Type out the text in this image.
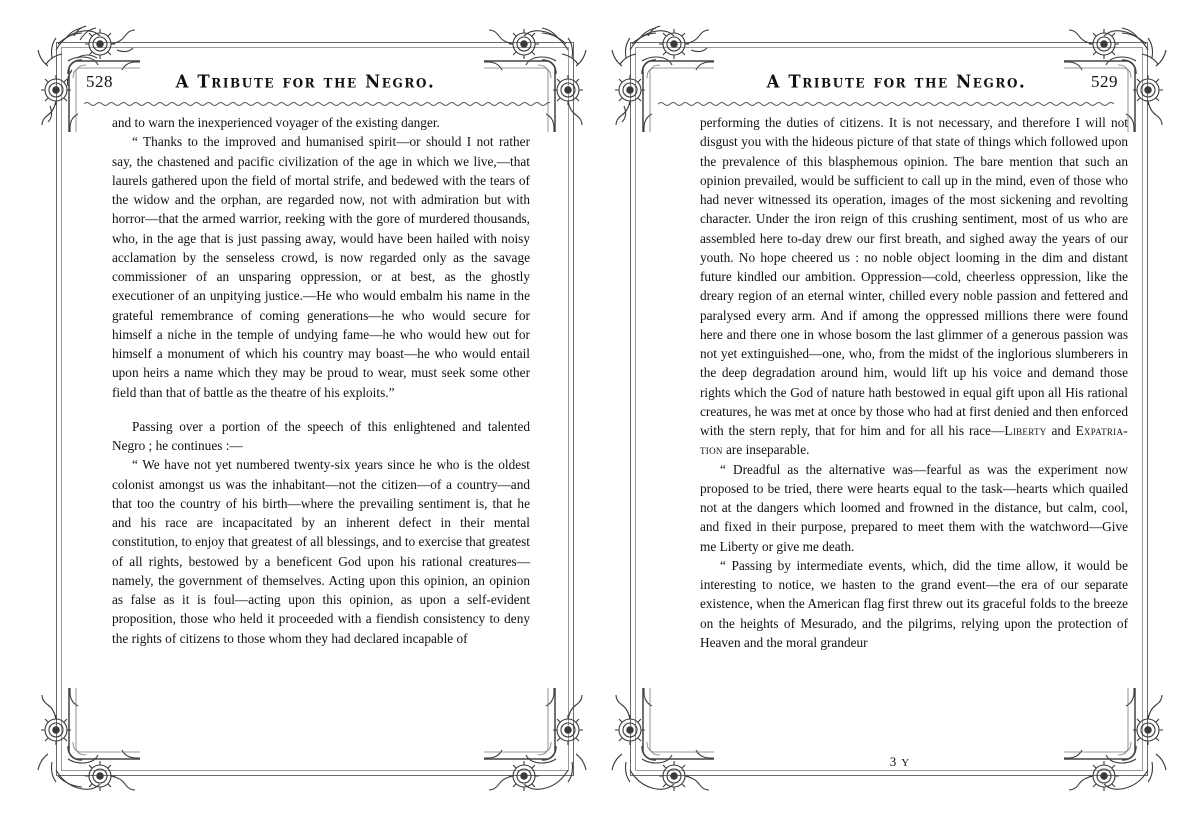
528	A Tribute for the Negro.

and to warn the inexperienced voyager of the existing danger.

“ Thanks to the improved and humanised spirit—or should I not rather say, the chastened and pacific civilization of the age in which we live,—that laurels gathered upon the field of mortal strife, and bedewed with the tears of the widow and the orphan, are regarded now, not with admiration but with horror—that the armed warrior, reeking with the gore of murdered thousands, who, in the age that is just passing away, would have been hailed with noisy acclamation by the senseless crowd, is now regarded only as the savage commissioner of an unsparing oppression, or at best, as the ghostly executioner of an unpitying justice.—He who would embalm his name in the grateful remembrance of coming generations—he who would secure for himself a niche in the temple of undying fame—he who would hew out for himself a monument of which his country may boast—he who would entail upon heirs a name which they may be proud to wear, must seek some other field than that of battle as the theatre of his exploits.”

Passing over a portion of the speech of this enlightened and talented Negro ; he continues :—

“ We have not yet numbered twenty-six years since he who is the oldest colonist amongst us was the inhabitant—not the citizen—of a country—and that too the country of his birth—where the prevailing sentiment is, that he and his race are incapacitated by an inherent defect in their mental constitution, to enjoy that greatest of all blessings, and to exercise that greatest of all rights, bestowed by a beneficent God upon his rational creatures—namely, the government of themselves. Acting upon this opinion, an opinion as false as it is foul—acting upon this opinion, as upon a self-evident proposition, those who held it proceeded with a fiendish consistency to deny the rights of citizens to those whom they had declared incapable of

A Tribute for the Negro.	529

performing the duties of citizens. It is not necessary, and therefore I will not disgust you with the hideous picture of that state of things which followed upon the prevalence of this blasphemous opinion. The bare mention that such an opinion prevailed, would be sufficient to call up in the mind, even of those who had never witnessed its operation, images of the most sickening and revolting character. Under the iron reign of this crushing sentiment, most of us who are assembled here to-day drew our first breath, and sighed away the years of our youth. No hope cheered us : no noble object looming in the dim and distant future kindled our ambition. Oppression—cold, cheerless oppression, like the dreary region of an eternal winter, chilled every noble passion and fettered and paralysed every arm. And if among the oppressed millions there were found here and there one in whose bosom the last glimmer of a generous passion was not yet extinguished—one, who, from the midst of the inglorious slumberers in the deep degradation around him, would lift up his voice and demand those rights which the God of nature hath bestowed in equal gift upon all His rational creatures, he was met at once by those who had at first denied and then enforced with the stern reply, that for him and for all his race—Liberty and Expatria-tion are inseparable.

“ Dreadful as the alternative was—fearful as was the experiment now proposed to be tried, there were hearts equal to the task—hearts which quailed not at the dangers which loomed and frowned in the distance, but calm, cool, and fixed in their purpose, prepared to meet them with the watchword—Give me Liberty or give me death.

“ Passing by intermediate events, which, did the time allow, it would be interesting to notice, we hasten to the grand event—the era of our separate existence, when the American flag first threw out its graceful folds to the breeze on the heights of Mesurado, and the pilgrims, relying upon the protection of Heaven and the moral grandeur

3 Y
